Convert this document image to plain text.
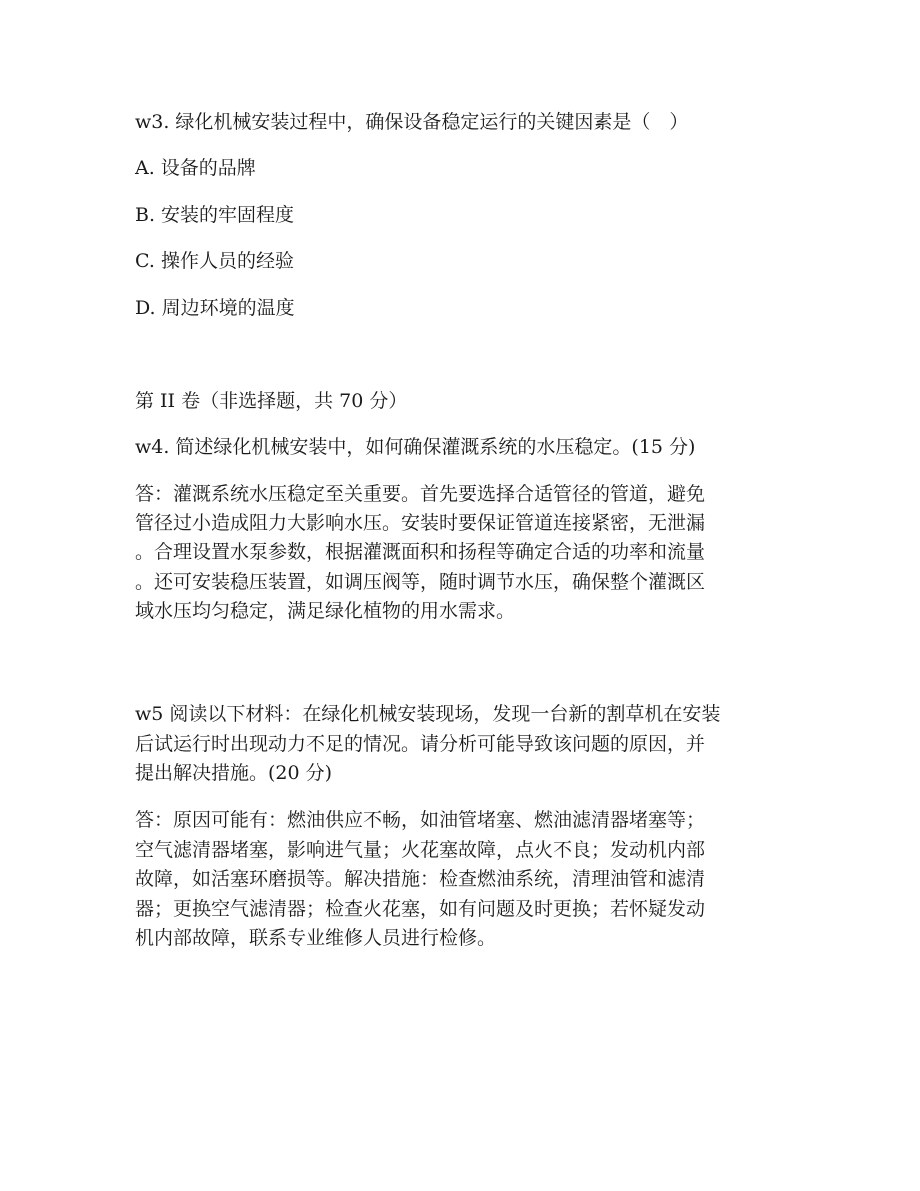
w3. 绿化机械安装过程中，确保设备稳定运行的关键因素是（　）
A. 设备的品牌
B. 安装的牢固程度
C. 操作人员的经验
D. 周边环境的温度
第 II 卷（非选择题，共 70 分）
w4. 简述绿化机械安装中，如何确保灌溉系统的水压稳定。(15 分)

答：灌溉系统水压稳定至关重要。首先要选择合适管径的管道，避免

管径过小造成阻力大影响水压。安装时要保证管道连接紧密，无泄漏

。合理设置水泵参数，根据灌溉面积和扬程等确定合适的功率和流量

。还可安装稳压装置，如调压阀等，随时调节水压，确保整个灌溉区

域水压均匀稳定，满足绿化植物的用水需求。

w5 阅读以下材料：在绿化机械安装现场，发现一台新的割草机在安装

后试运行时出现动力不足的情况。请分析可能导致该问题的原因，并

提出解决措施。(20 分)

答：原因可能有：燃油供应不畅，如油管堵塞、燃油滤清器堵塞等；

空气滤清器堵塞，影响进气量；火花塞故障，点火不良；发动机内部

故障，如活塞环磨损等。解决措施：检查燃油系统，清理油管和滤清

器；更换空气滤清器；检查火花塞，如有问题及时更换；若怀疑发动

机内部故障，联系专业维修人员进行检修。
